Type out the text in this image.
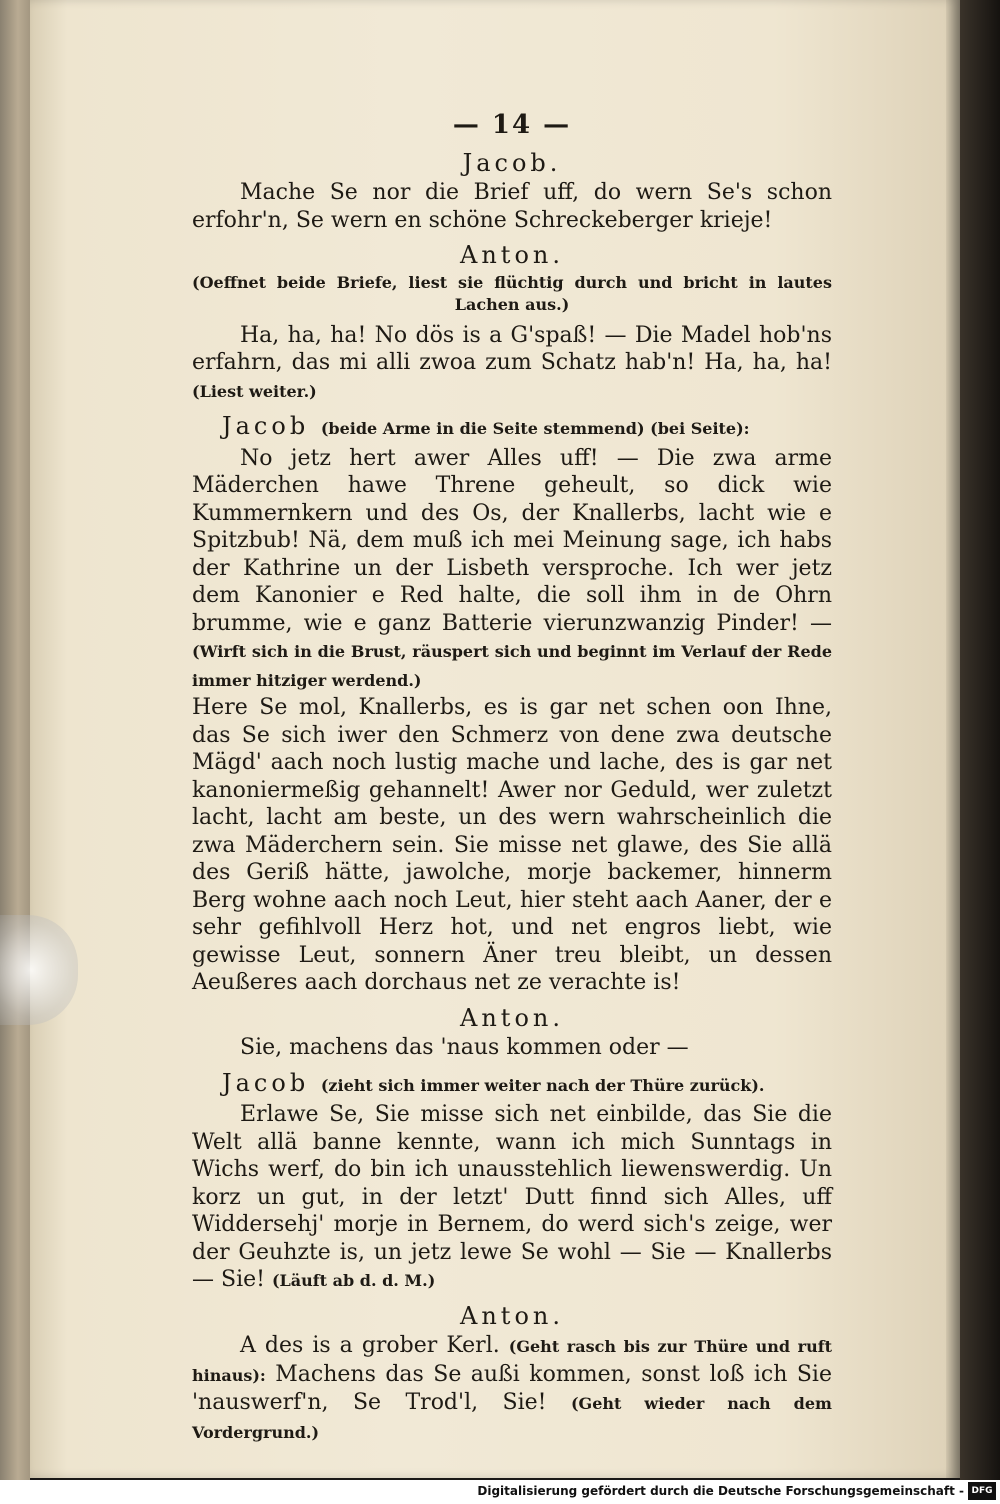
— 14 —
Jacob.
Mache Se nor die Brief uff, do wern Se's schon erfohr'n, Se wern en schöne Schreckeberger krieje!
Anton.
(Oeffnet beide Briefe, liest sie flüchtig durch und bricht in lautes Lachen aus.)
Ha, ha, ha! No dös is a G'spaß! — Die Madel hob'ns erfahrn, das mi alli zwoa zum Schatz hab'n! Ha, ha, ha! (Liest weiter.)
Jacob (beide Arme in die Seite stemmend) (bei Seite):
No jetz hert awer Alles uff! — Die zwa arme Mäderchen hawe Threne geheult, so dick wie Kummernkern und des Os, der Knallerbs, lacht wie e Spitzbub! Nä, dem muß ich mei Meinung sage, ich habs der Kathrine un der Lisbeth versproche. Ich wer jetz dem Kanonier e Red halte, die soll ihm in de Ohrn brumme, wie e ganz Batterie vierunzwanzig Pinder! — (Wirft sich in die Brust, räuspert sich und beginnt im Verlauf der Rede immer hitziger werdend.)
Here Se mol, Knallerbs, es is gar net schen oon Ihne, das Se sich iwer den Schmerz von dene zwa deutsche Mägd' aach noch lustig mache und lache, des is gar net kanoniermeßig gehannelt! Awer nor Geduld, wer zuletzt lacht, lacht am beste, un des wern wahrscheinlich die zwa Mäderchern sein. Sie misse net glawe, des Sie allä des Geriß hätte, jawolche, morje backemer, hinnerm Berg wohne aach noch Leut, hier steht aach Aaner, der e sehr gefihlvoll Herz hot, und net engros liebt, wie gewisse Leut, sonnern Äner treu bleibt, un dessen Aeußeres aach dorchaus net ze verachte is!
Anton.
Sie, machens das 'naus kommen oder —
Jacob (zieht sich immer weiter nach der Thüre zurück).
Erlawe Se, Sie misse sich net einbilde, das Sie die Welt allä banne kennte, wann ich mich Sunntags in Wichs werf, do bin ich unausstehlich liewenswerdig. Un korz un gut, in der letzt' Dutt finnd sich Alles, uff Widdersehj' morje in Bernem, do werd sich's zeige, wer der Geuhzte is, un jetz lewe Se wohl — Sie — Knallerbs — Sie! (Läuft ab d. d. M.)
Anton.
A des is a grober Kerl. (Geht rasch bis zur Thüre und ruft hinaus): Machens das Se außi kommen, sonst loß ich Sie 'nauswerf'n, Se Trod'l, Sie! (Geht wieder nach dem Vordergrund.)
Digitalisierung gefördert durch die Deutsche Forschungsgemeinschaft - DFG
